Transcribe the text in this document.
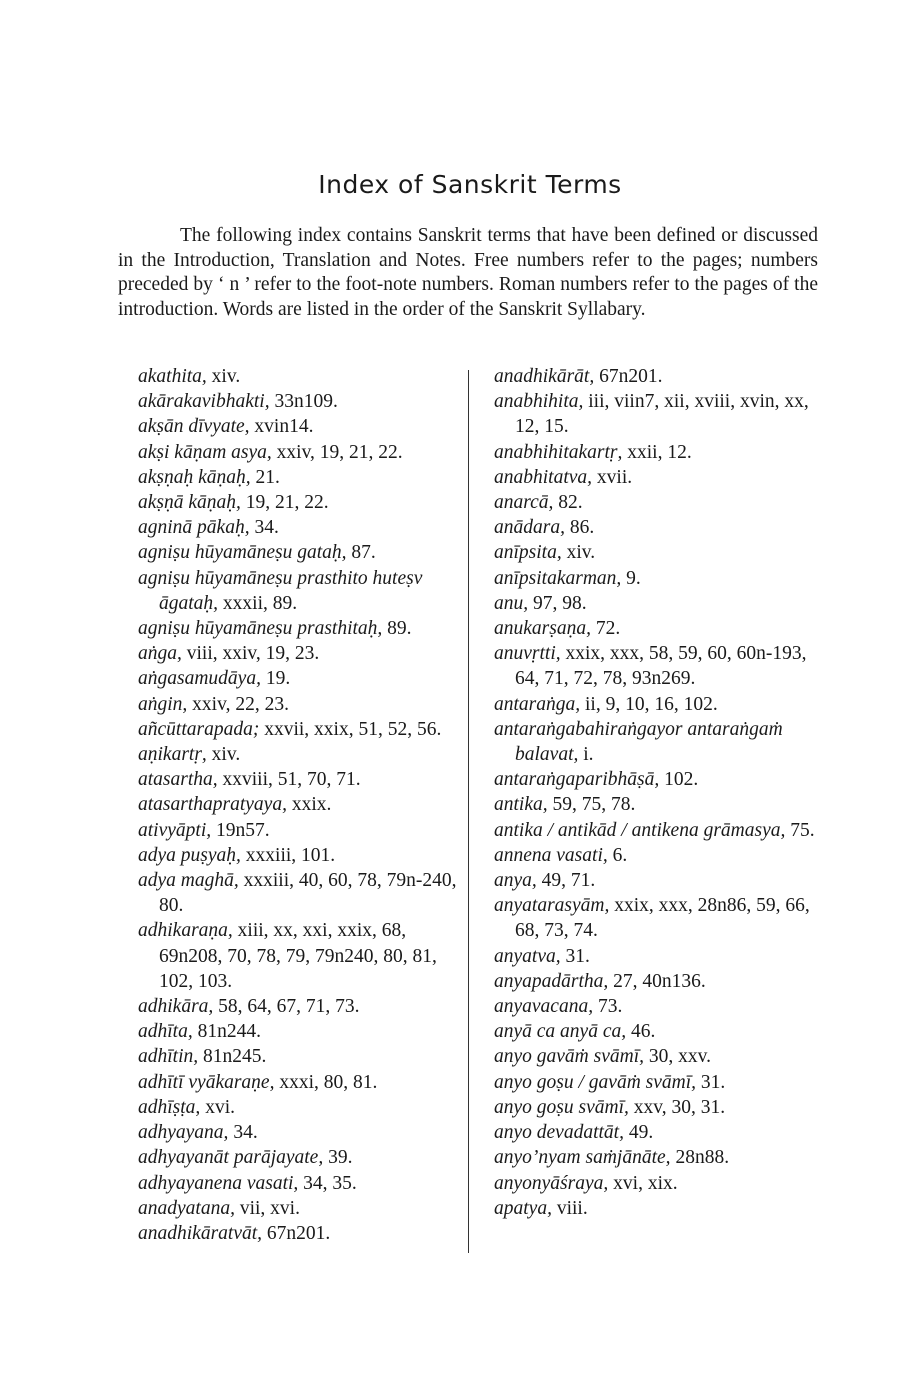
Index of Sanskrit Terms

The following index contains Sanskrit terms that have been defined or discussed in the Introduction, Translation and Notes. Free numbers refer to the pages; numbers preceded by ‘ n ’ refer to the foot-note numbers. Roman numbers refer to the pages of the introduction. Words are listed in the order of the Sanskrit Syllabary.

akathita, xiv.
akārakavibhakti, 33n109.
akṣān dīvyate, xvin14.
akṣi kāṇam asya, xxiv, 19, 21, 22.
akṣṇaḥ kāṇaḥ, 21.
akṣṇā kāṇaḥ, 19, 21, 22.
agninā pākaḥ, 34.
agniṣu hūyamāneṣu gataḥ, 87.
agniṣu hūyamāneṣu prasthito huteṣv āgataḥ, xxxii, 89.
agniṣu hūyamāneṣu prasthitaḥ, 89.
aṅga, viii, xxiv, 19, 23.
aṅgasamudāya, 19.
aṅgin, xxiv, 22, 23.
añcūttarapada; xxvii, xxix, 51, 52, 56.
aṇikartṛ, xiv.
atasartha, xxviii, 51, 70, 71.
atasarthapratyaya, xxix.
ativyāpti, 19n57.
adya puṣyaḥ, xxxiii, 101.
adya maghā, xxxiii, 40, 60, 78, 79n-240, 80.
adhikaraṇa, xiii, xx, xxi, xxix, 68, 69n208, 70, 78, 79, 79n240, 80, 81, 102, 103.
adhikāra, 58, 64, 67, 71, 73.
adhīta, 81n244.
adhītin, 81n245.
adhītī vyākaraṇe, xxxi, 80, 81.
adhīṣṭa, xvi.
adhyayana, 34.
adhyayanāt parājayate, 39.
adhyayanena vasati, 34, 35.
anadyatana, vii, xvi.
anadhikāratvāt, 67n201.
anadhikārāt, 67n201.
anabhihita, iii, viin7, xii, xviii, xvin, xx, 12, 15.
anabhihitakartṛ, xxii, 12.
anabhitatva, xvii.
anarcā, 82.
anādara, 86.
anīpsita, xiv.
anīpsitakarman, 9.
anu, 97, 98.
anukarṣaṇa, 72.
anuvṛtti, xxix, xxx, 58, 59, 60, 60n-193, 64, 71, 72, 78, 93n269.
antaraṅga, ii, 9, 10, 16, 102.
antaraṅgabahiraṅgayor antaraṅgaṁ balavat, i.
antaraṅgaparibhāṣā, 102.
antika, 59, 75, 78.
antika / antikād / antikena grāmasya, 75.
annena vasati, 6.
anya, 49, 71.
anyatarasyām, xxix, xxx, 28n86, 59, 66, 68, 73, 74.
anyatva, 31.
anyapadārtha, 27, 40n136.
anyavacana, 73.
anyā ca anyā ca, 46.
anyo gavāṁ svāmī, 30, xxv.
anyo goṣu / gavāṁ svāmī, 31.
anyo goṣu svāmī, xxv, 30, 31.
anyo devadattāt, 49.
anyo’nyam saṁjānāte, 28n88.
anyonyāśraya, xvi, xix.
apatya, viii.
